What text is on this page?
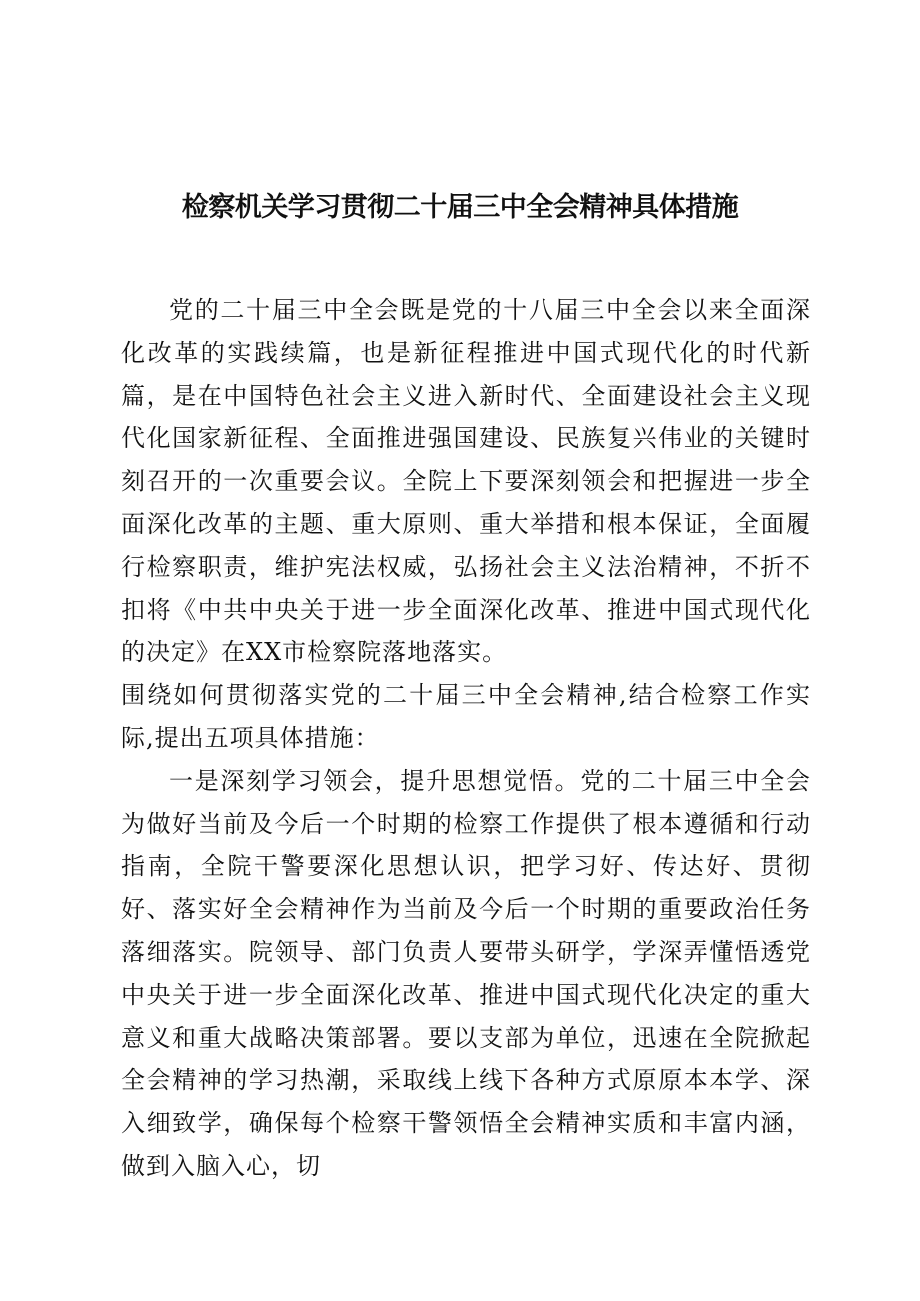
检察机关学习贯彻二十届三中全会精神具体措施

党的二十届三中全会既是党的十八届三中全会以来全面深化改革的实践续篇，也是新征程推进中国式现代化的时代新篇，是在中国特色社会主义进入新时代、全面建设社会主义现代化国家新征程、全面推进强国建设、民族复兴伟业的关键时刻召开的一次重要会议。全院上下要深刻领会和把握进一步全面深化改革的主题、重大原则、重大举措和根本保证，全面履行检察职责，维护宪法权威，弘扬社会主义法治精神，不折不扣将《中共中央关于进一步全面深化改革、推进中国式现代化的决定》在XX市检察院落地落实。

围绕如何贯彻落实党的二十届三中全会精神,结合检察工作实际,提出五项具体措施：

一是深刻学习领会，提升思想觉悟。党的二十届三中全会为做好当前及今后一个时期的检察工作提供了根本遵循和行动指南，全院干警要深化思想认识，把学习好、传达好、贯彻好、落实好全会精神作为当前及今后一个时期的重要政治任务落细落实。院领导、部门负责人要带头研学，学深弄懂悟透党中央关于进一步全面深化改革、推进中国式现代化决定的重大意义和重大战略决策部署。要以支部为单位，迅速在全院掀起全会精神的学习热潮，采取线上线下各种方式原原本本学、深入细致学，确保每个检察干警领悟全会精神实质和丰富内涵，做到入脑入心，切
